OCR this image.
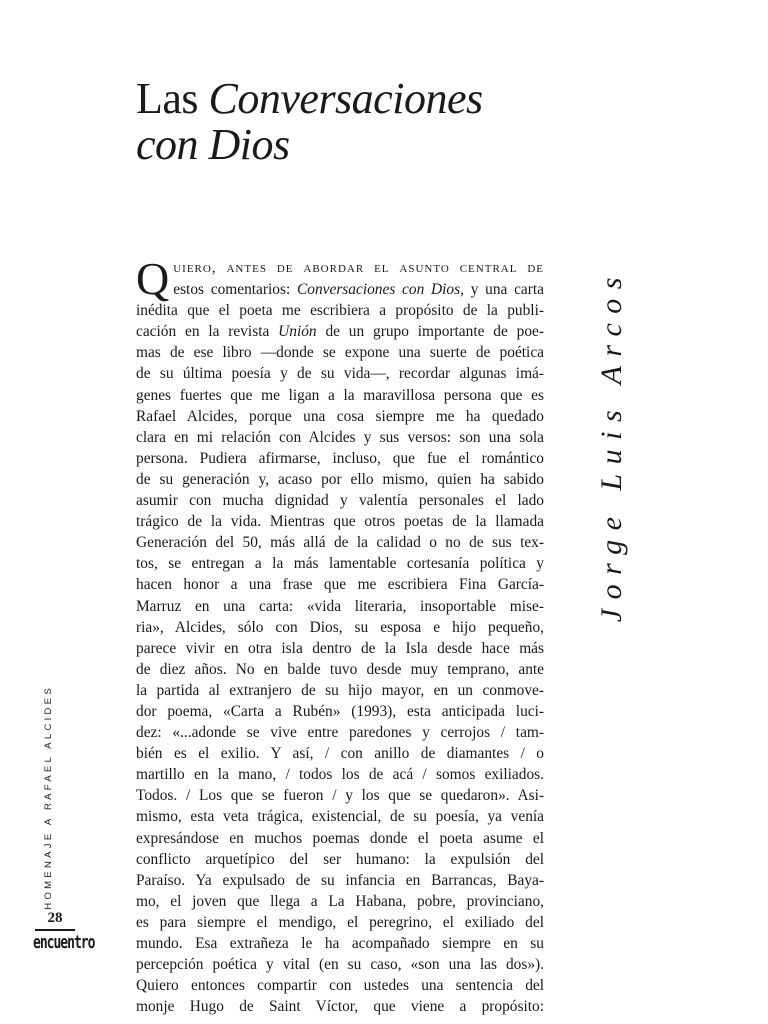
Las Conversaciones
con Dios
Jorge Luis Arcos
HOMENAJE A RAFAEL ALCIDES
28
encuentro
Q uiero, antes de abordar el asunto central de
estos comentarios: Conversaciones con Dios, y una carta
inédita que el poeta me escribiera a propósito de la publi-
cación en la revista Unión de un grupo importante de poe-
mas de ese libro —donde se expone una suerte de poética
de su última poesía y de su vida—, recordar algunas imá-
genes fuertes que me ligan a la maravillosa persona que es
Rafael Alcides, porque una cosa siempre me ha quedado
clara en mi relación con Alcides y sus versos: son una sola
persona. Pudiera afirmarse, incluso, que fue el romántico
de su generación y, acaso por ello mismo, quien ha sabido
asumir con mucha dignidad y valentía personales el lado
trágico de la vida. Mientras que otros poetas de la llamada
Generación del 50, más allá de la calidad o no de sus tex-
tos, se entregan a la más lamentable cortesanía política y
hacen honor a una frase que me escribiera Fina García-
Marruz en una carta: «vida literaria, insoportable mise-
ria», Alcides, sólo con Dios, su esposa e hijo pequeño,
parece vivir en otra isla dentro de la Isla desde hace más
de diez años. No en balde tuvo desde muy temprano, ante
la partida al extranjero de su hijo mayor, en un conmove-
dor poema, «Carta a Rubén» (1993), esta anticipada luci-
dez: «...adonde se vive entre paredones y cerrojos / tam-
bién es el exilio. Y así, / con anillo de diamantes / o
martillo en la mano, / todos los de acá / somos exiliados.
Todos. / Los que se fueron / y los que se quedaron». Asi-
mismo, esta veta trágica, existencial, de su poesía, ya venía
expresándose en muchos poemas donde el poeta asume el
conflicto arquetípico del ser humano: la expulsión del
Paraíso. Ya expulsado de su infancia en Barrancas, Baya-
mo, el joven que llega a La Habana, pobre, provinciano,
es para siempre el mendigo, el peregrino, el exiliado del
mundo. Esa extrañeza le ha acompañado siempre en su
percepción poética y vital (en su caso, «son una las dos»).
Quiero entonces compartir con ustedes una sentencia del
monje Hugo de Saint Víctor, que viene a propósito:
